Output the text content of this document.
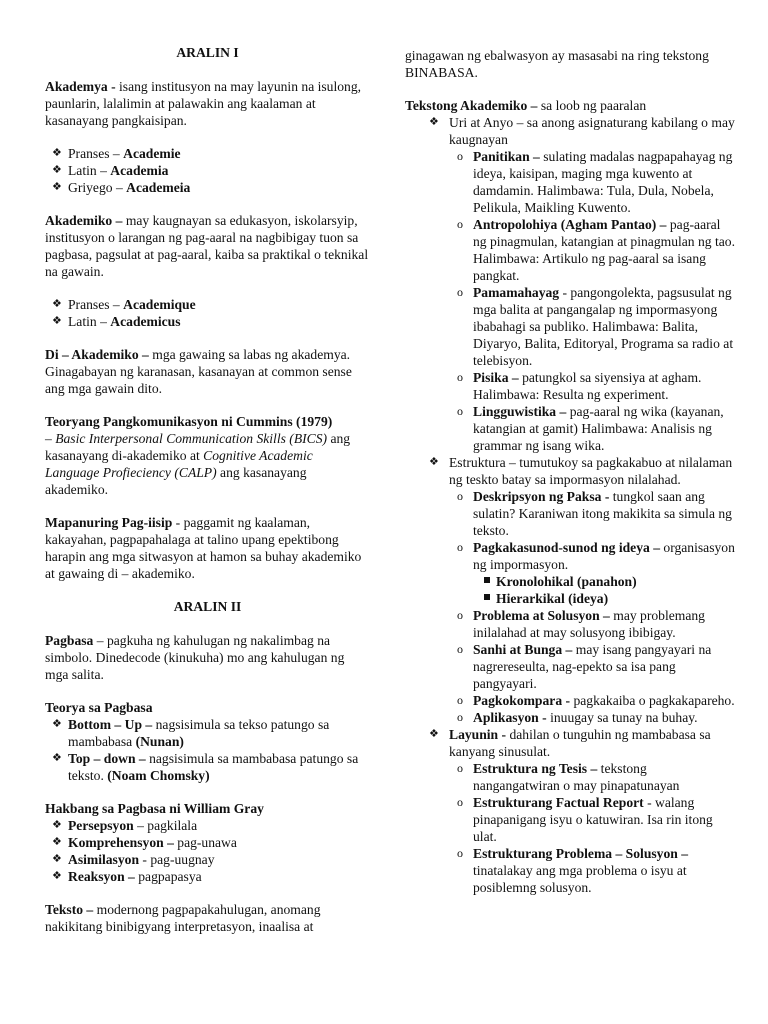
ARALIN I

Akademya - isang institusyon na may layunin na isulong, paunlarin, lalalimin at palawakin ang kaalaman at kasanayang pangkaisipan.

❖ Pranses – Academie
❖ Latin – Academia
❖ Griyego – Academeia

Akademiko – may kaugnayan sa edukasyon, iskolarsyip, institusyon o larangan ng pag-aaral na nagbibigay tuon sa pagbasa, pagsulat at pag-aaral, kaiba sa praktikal o teknikal na gawain.

❖ Pranses – Academique
❖ Latin – Academicus

Di – Akademiko – mga gawaing sa labas ng akademya. Ginagabayan ng karanasan, kasanayan at common sense ang mga gawain dito.

Teoryang Pangkomunikasyon ni Cummins (1979)
– Basic Interpersonal Communication Skills (BICS) ang kasanayang di-akademiko at Cognitive Academic Language Profieciency (CALP) ang kasanayang akademiko.

Mapanuring Pag-iisip - paggamit ng kaalaman, kakayahan, pagpapahalaga at talino upang epektibong harapin ang mga sitwasyon at hamon sa buhay akademiko at gawaing di – akademiko.

ARALIN II

Pagbasa – pagkuha ng kahulugan ng nakalimbag na simbolo. Dinedecode (kinukuha) mo ang kahulugan ng mga salita.

Teorya sa Pagbasa
❖ Bottom – Up – nagsisimula sa tekso patungo sa mambabasa (Nunan)
❖ Top – down – nagsisimula sa mambabasa patungo sa teksto. (Noam Chomsky)
Hakbang sa Pagbasa ni William Gray
❖ Persepsyon – pagkilala
❖ Komprehensyon – pag-unawa
❖ Asimilasyon - pag-uugnay
❖ Reaksyon – pagpapasya

Teksto – modernong pagpapakahulugan, anomang nakikitang binibigyang interpretasyon, inaalisa at

ginagawan ng ebalwasyon ay masasabi na ring tekstong BINABASA.

Tekstong Akademiko – sa loob ng paaralan
❖ Uri at Anyo – sa anong asignaturang kabilang o may kaugnayan
o Panitikan – sulating madalas nagpapahayag ng ideya, kaisipan, maging mga kuwento at damdamin. Halimbawa: Tula, Dula, Nobela, Pelikula, Maikling Kuwento.
o Antropolohiya (Agham Pantao) – pag-aaral ng pinagmulan, katangian at pinagmulan ng tao. Halimbawa: Artikulo ng pag-aaral sa isang pangkat.
o Pamamahayag - pangongolekta, pagsusulat ng mga balita at pangangalap ng impormasyong ibabahagi sa publiko. Halimbawa: Balita, Diyaryo, Balita, Editoryal, Programa sa radio at telebisyon.
o Pisika – patungkol sa siyensiya at agham. Halimbawa: Resulta ng experiment.
o Lingguwistika – pag-aaral ng wika (kayanan, katangian at gamit) Halimbawa: Analisis ng grammar ng isang wika.
❖ Estruktura – tumutukoy sa pagkakabuo at nilalaman ng teskto batay sa impormasyon nilalahad.
o Deskripsyon ng Paksa - tungkol saan ang sulatin? Karaniwan itong makikita sa simula ng teksto.
o Pagkakasunod-sunod ng ideya – organisasyon ng impormasyon.
Kronolohikal (panahon)
Hierarkikal (ideya)
o Problema at Solusyon – may problemang inilalahad at may solusyong ibibigay.
o Sanhi at Bunga – may isang pangyayari na nagrereseulta, nag-epekto sa isa pang pangyayari.
o Pagkokompara - pagkakaiba o pagkakapareho.
o Aplikasyon - inuugay sa tunay na buhay.
❖ Layunin - dahilan o tunguhin ng mambabasa sa kanyang sinusulat.
o Estruktura ng Tesis – tekstong nangangatwiran o may pinapatunayan
o Estrukturang Factual Report - walang pinapanigang isyu o katuwiran. Isa rin itong ulat.
o Estrukturang Problema – Solusyon – tinatalakay ang mga problema o isyu at posiblemng solusyon.
